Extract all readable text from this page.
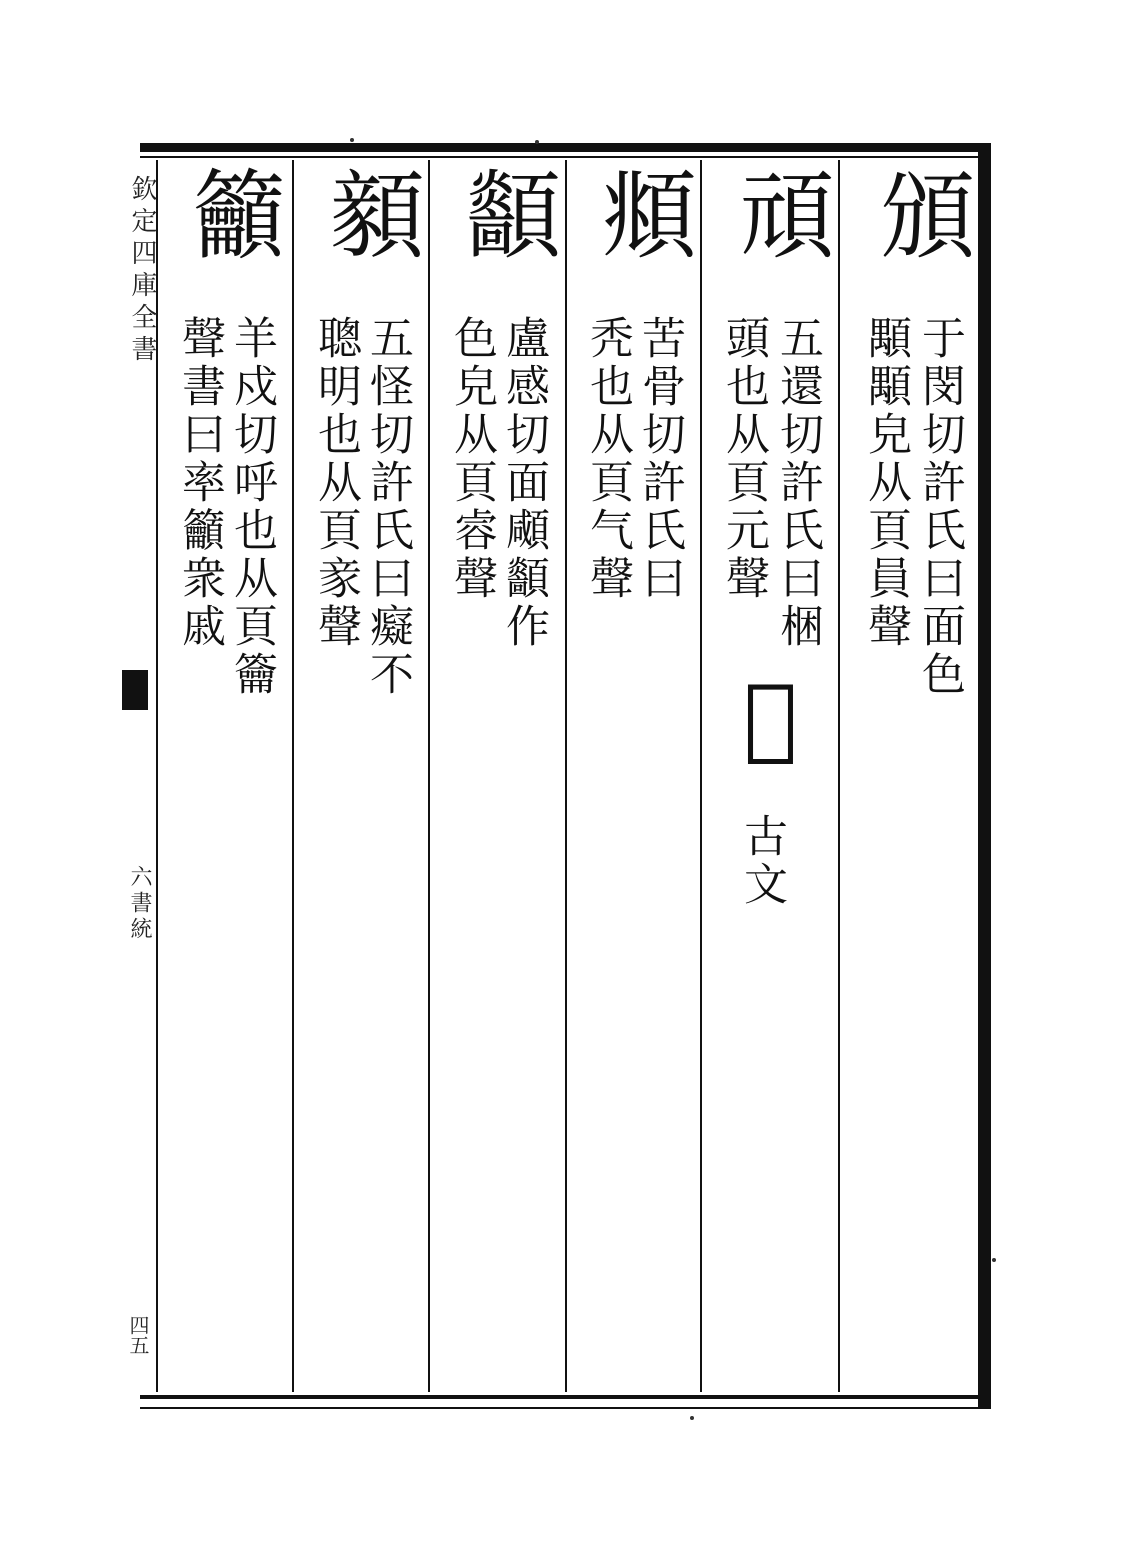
欽定四庫全書
六書統
四五
頒
于閔切許氏曰面色
顒顒皃从頁員聲
頑
五還切許氏曰梱
頭也从頁元聲
𩒨
古文
頫
苦骨切許氏曰
秃也从頁气聲
顲
盧感切面顑顲作
色皃从頁䜭聲
顡
五怪切許氏曰癡不
聰明也从頁豙聲
籲
羊戍切呼也从頁籥
聲書曰率籲衆戚
